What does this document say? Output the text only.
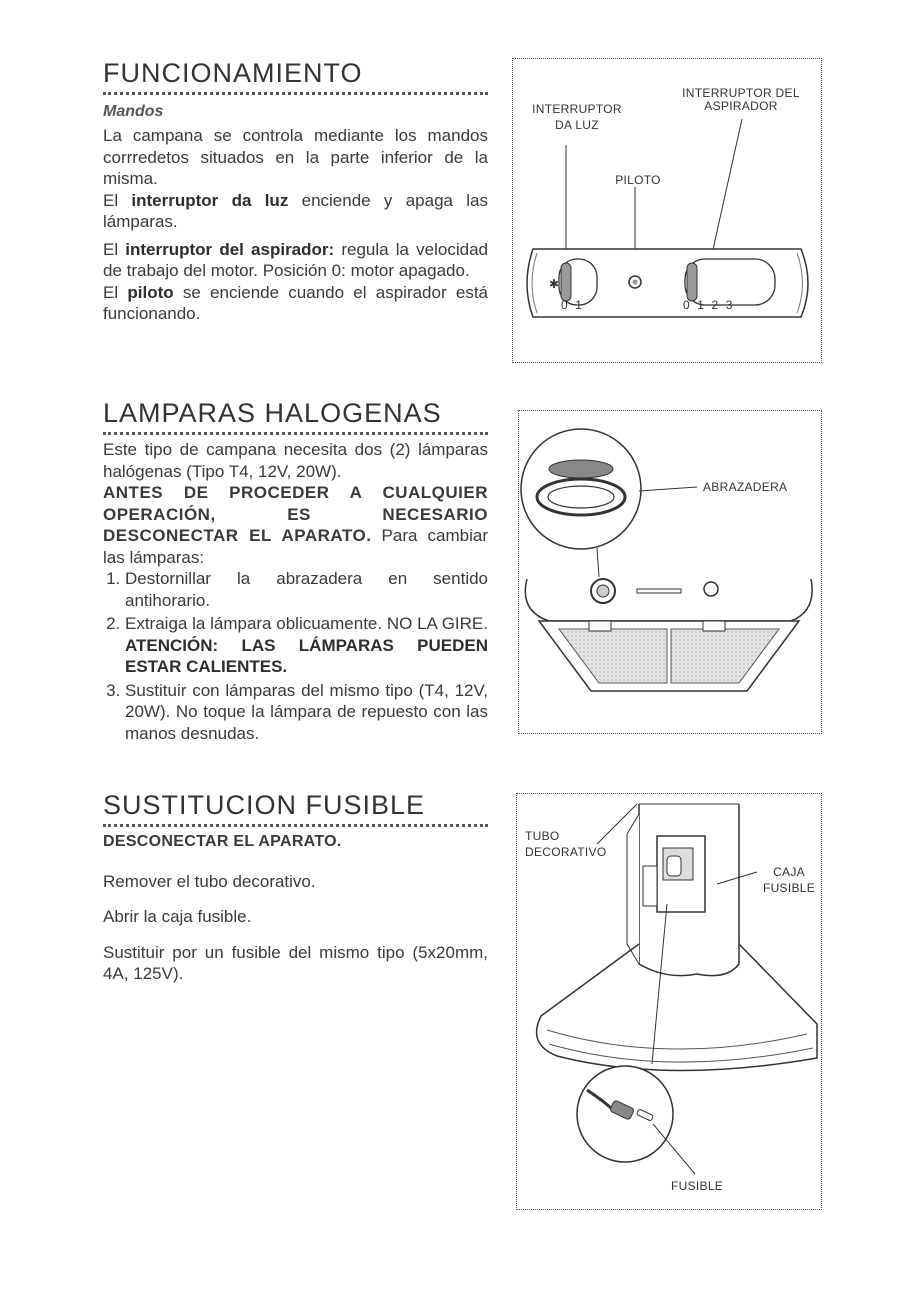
FUNCIONAMIENTO
Mandos

La campana se controla mediante los mandos corrredetos situados en la parte inferior de la misma.

El interruptor da luz enciende y apaga las lámparas.

El interruptor del aspirador: regula la velocidad de trabajo del motor. Posición 0: motor apagado.

El piloto se enciende cuando el aspirador está funcionando.

✱
INTERRUPTOR DEL ASPIRADOR
INTERRUPTOR
DA LUZ
PILOTO
0  1	0  1  2  3
LAMPARAS HALOGENAS

Este tipo de campana necesita dos (2) lámparas halógenas (Tipo T4, 12V, 20W).

ANTES DE PROCEDER A CUALQUIER OPERACIÓN, ES NECESARIO DESCONECTAR EL APARATO. Para cambiar las lámparas:

1. Destornillar la abrazadera en sentido antihorario.
2. Extraiga la lámpara oblicuamente. NO LA GIRE. ATENCIÓN: LAS LÁMPARAS PUEDEN ESTAR CALIENTES.
3. Sustituir con lámparas del mismo tipo (T4, 12V, 20W). No toque la lámpara de repuesto con las manos desnudas.
ABRAZADERA
SUSTITUCION FUSIBLE

DESCONECTAR EL APARATO.

Remover el tubo decorativo.

Abrir la caja fusible.

Sustituir por un fusible del mismo tipo (5x20mm, 4A, 125V).

TUBO
DECORATIVO
CAJA
FUSIBLE
FUSIBLE
